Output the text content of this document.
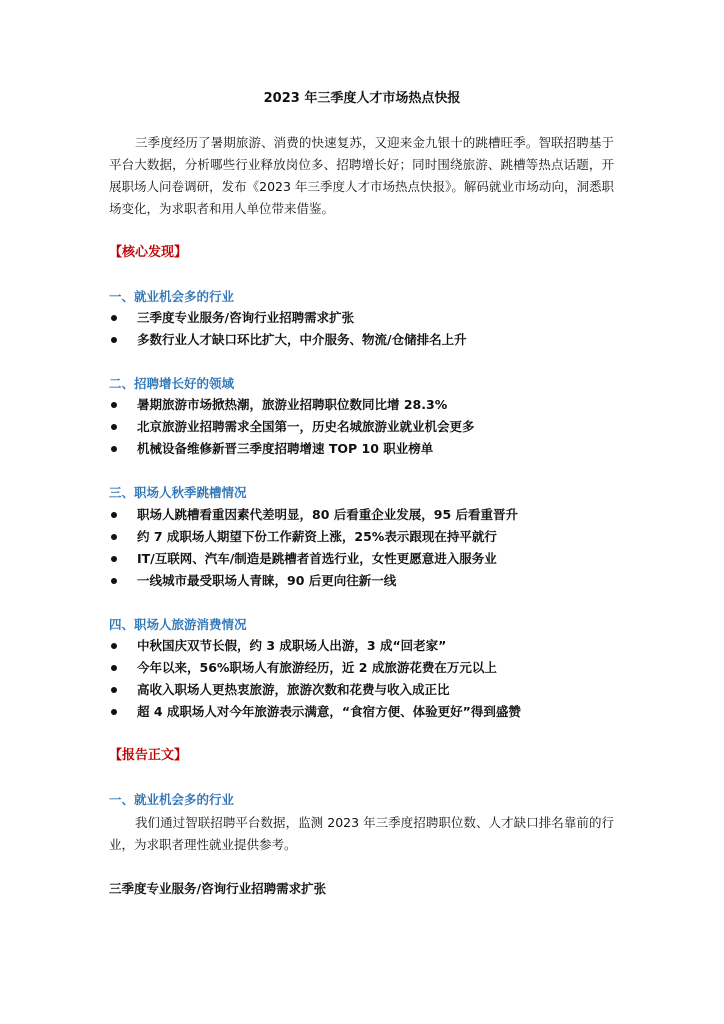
2023 年三季度人才市场热点快报
三季度经历了暑期旅游、消费的快速复苏，又迎来金九银十的跳槽旺季。智联招聘基于平台大数据，分析哪些行业释放岗位多、招聘增长好；同时围绕旅游、跳槽等热点话题，开展职场人问卷调研，发布《2023 年三季度人才市场热点快报》。解码就业市场动向，洞悉职场变化，为求职者和用人单位带来借鉴。
【核心发现】
一、就业机会多的行业
三季度专业服务/咨询行业招聘需求扩张
多数行业人才缺口环比扩大，中介服务、物流/仓储排名上升
二、招聘增长好的领域
暑期旅游市场掀热潮，旅游业招聘职位数同比增 28.3%
北京旅游业招聘需求全国第一，历史名城旅游业就业机会更多
机械设备维修新晋三季度招聘增速 TOP 10 职业榜单
三、职场人秋季跳槽情况
职场人跳槽看重因素代差明显，80 后看重企业发展，95 后看重晋升
约 7 成职场人期望下份工作薪资上涨，25%表示跟现在持平就行
IT/互联网、汽车/制造是跳槽者首选行业，女性更愿意进入服务业
一线城市最受职场人青睐，90 后更向往新一线
四、职场人旅游消费情况
中秋国庆双节长假，约 3 成职场人出游，3 成“回老家”
今年以来，56%职场人有旅游经历，近 2 成旅游花费在万元以上
高收入职场人更热衷旅游，旅游次数和花费与收入成正比
超 4 成职场人对今年旅游表示满意，“食宿方便、体验更好”得到盛赞
【报告正文】
一、就业机会多的行业
我们通过智联招聘平台数据，监测 2023 年三季度招聘职位数、人才缺口排名靠前的行业，为求职者理性就业提供参考。
三季度专业服务/咨询行业招聘需求扩张
